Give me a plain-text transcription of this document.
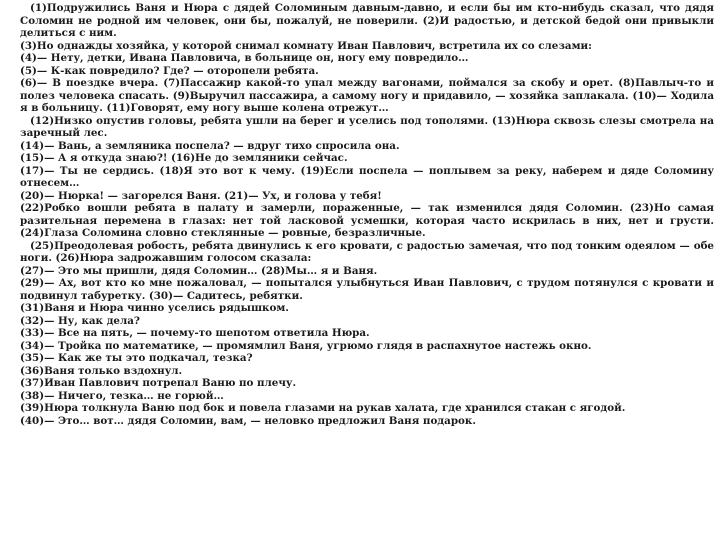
(1)Подружились Ваня и Нюра с дядей Соломиным давным-давно, и если бы им кто-нибудь сказал, что дядя Соломин не родной им человек, они бы, пожалуй, не поверили. (2)И радостью, и детской бедой они привыкли делиться с ним.

(3)Но однажды хозяйка, у которой снимал комнату Иван Павлович, встретила их со слезами:

(4)— Нету, детки, Ивана Павловича, в больнице он, ногу ему повредило…

(5)— К-как повредило? Где? — оторопели ребята.

(6)— В поездке вчера. (7)Пассажир какой-то упал между вагонами, поймался за скобу и орет. (8)Павлыч-то и полез человека спасать. (9)Выручил пассажира, а самому ногу и придавило, — хозяйка заплакала. (10)— Ходила я в больницу. (11)Говорят, ему ногу выше колена отрежут…

(12)Низко опустив головы, ребята ушли на берег и уселись под тополями. (13)Нюра сквозь слезы смотрела на заречный лес.

(14)— Вань, а земляника поспела? — вдруг тихо спросила она.

(15)— А я откуда знаю?! (16)Не до земляники сейчас.

(17)— Ты не сердись. (18)Я это вот к чему. (19)Если поспела — поплывем за реку, наберем и дяде Соломину отнесем…

(20)— Нюрка! — загорелся Ваня. (21)— Ух, и голова у тебя!

(22)Робко вошли ребята в палату и замерли, пораженные, — так изменился дядя Соломин. (23)Но самая разительная перемена в глазах: нет той ласковой усмешки, которая часто искрилась в них, нет и грусти. (24)Глаза Соломина словно стеклянные — ровные, безразличные.

(25)Преодолевая робость, ребята двинулись к его кровати, с радостью замечая, что под тонким одеялом — обе ноги. (26)Нюра задрожавшим голосом сказала:

(27)— Это мы пришли, дядя Соломин… (28)Мы… я и Ваня.

(29)— Ах, вот кто ко мне пожаловал, — попытался улыбнуться Иван Павлович, с трудом потянулся с кровати и подвинул табуретку. (30)— Садитесь, ребятки.

(31)Ваня и Нюра чинно уселись рядышком.

(32)— Ну, как дела?

(33)— Все на пять, — почему-то шепотом ответила Нюра.

(34)— Тройка по математике, — промямлил Ваня, угрюмо глядя в распахнутое настежь окно.

(35)— Как же ты это подкачал, тезка?

(36)Ваня только вздохнул.

(37)Иван Павлович потрепал Ваню по плечу.

(38)— Ничего, тезка… не горюй…

(39)Нюра толкнула Ваню под бок и повела глазами на рукав халата, где хранился стакан с ягодой.

(40)— Это… вот… дядя Соломин, вам, — неловко предложил Ваня подарок.
